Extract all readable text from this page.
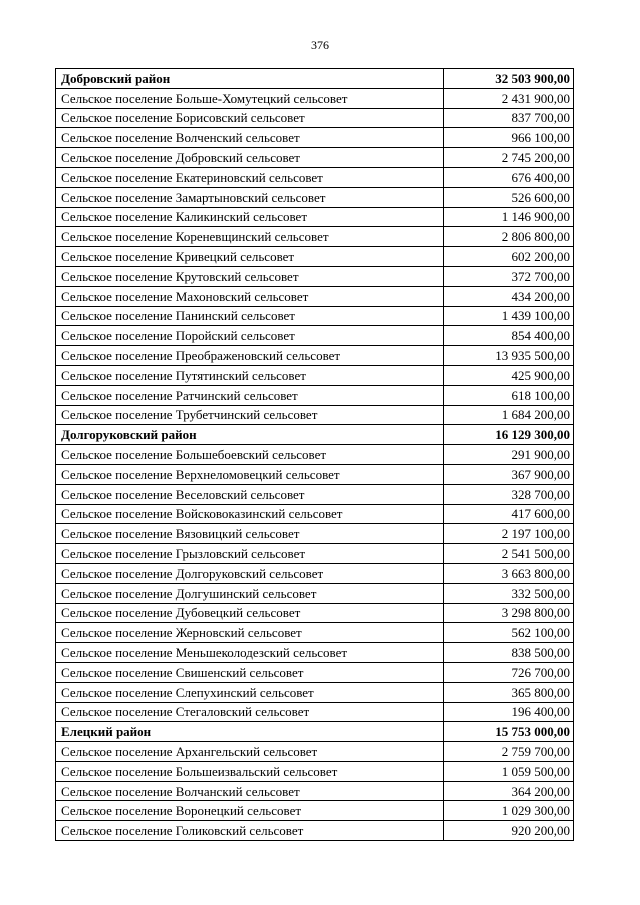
376
Добровский район	32 503 900,00
Сельское поселение Больше-Хомутецкий сельсовет	2 431 900,00
Сельское поселение Борисовский сельсовет	837 700,00
Сельское поселение Волченский сельсовет	966 100,00
Сельское поселение Добровский сельсовет	2 745 200,00
Сельское поселение Екатериновский сельсовет	676 400,00
Сельское поселение Замартыновский сельсовет	526 600,00
Сельское поселение Каликинский сельсовет	1 146 900,00
Сельское поселение Кореневщинский сельсовет	2 806 800,00
Сельское поселение Кривецкий сельсовет	602 200,00
Сельское поселение Крутовский сельсовет	372 700,00
Сельское поселение Махоновский сельсовет	434 200,00
Сельское поселение Панинский сельсовет	1 439 100,00
Сельское поселение Поройский сельсовет	854 400,00
Сельское поселение Преображеновский сельсовет	13 935 500,00
Сельское поселение Путятинский сельсовет	425 900,00
Сельское поселение Ратчинский сельсовет	618 100,00
Сельское поселение Трубетчинский сельсовет	1 684 200,00
Долгоруковский район	16 129 300,00
Сельское поселение Большебоевский сельсовет	291 900,00
Сельское поселение Верхнеломовецкий сельсовет	367 900,00
Сельское поселение Веселовский сельсовет	328 700,00
Сельское поселение Войсковоказинский сельсовет	417 600,00
Сельское поселение Вязовицкий сельсовет	2 197 100,00
Сельское поселение Грызловский сельсовет	2 541 500,00
Сельское поселение Долгоруковский сельсовет	3 663 800,00
Сельское поселение Долгушинский сельсовет	332 500,00
Сельское поселение Дубовецкий сельсовет	3 298 800,00
Сельское поселение Жерновский сельсовет	562 100,00
Сельское поселение Меньшеколодезский сельсовет	838 500,00
Сельское поселение Свишенский сельсовет	726 700,00
Сельское поселение Слепухинский сельсовет	365 800,00
Сельское поселение Стегаловский сельсовет	196 400,00
Елецкий район	15 753 000,00
Сельское поселение Архангельский сельсовет	2 759 700,00
Сельское поселение Большеизвальский сельсовет	1 059 500,00
Сельское поселение Волчанский сельсовет	364 200,00
Сельское поселение Воронецкий сельсовет	1 029 300,00
Сельское поселение Голиковский сельсовет	920 200,00
